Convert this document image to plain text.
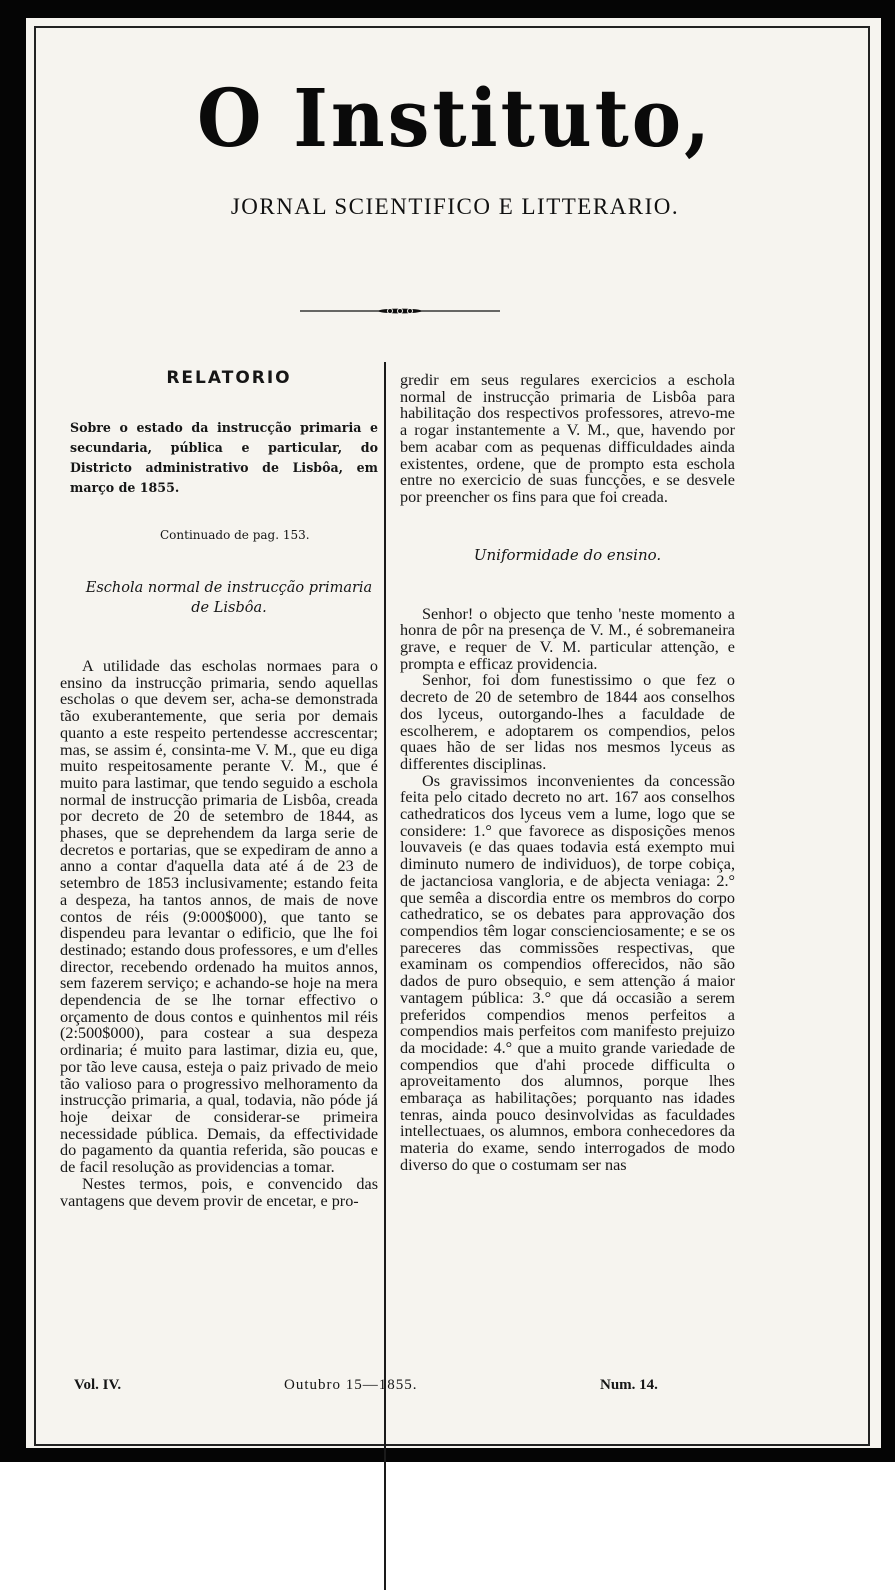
O Instituto,
JORNAL SCIENTIFICO E LITTERARIO.
RELATORIO

Sobre o estado da instrucção primaria e secundaria, pública e particular, do Districto administrativo de Lisbôa, em março de 1855.

Continuado de pag. 153.
Eschola normal de instrucção primaria de Lisbôa.

A utilidade das escholas normaes para o ensino da instrucção primaria, sendo aquellas escholas o que devem ser, acha-se demonstrada tão exuberantemente, que seria por demais quanto a este respeito pertendesse accrescentar; mas, se assim é, consinta-me V. M., que eu diga muito respeitosamente perante V. M., que é muito para lastimar, que tendo seguido a eschola normal de instrucção primaria de Lisbôa, creada por decreto de 20 de setembro de 1844, as phases, que se deprehendem da larga serie de decretos e portarias, que se expediram de anno a anno a contar d'aquella data até á de 23 de setembro de 1853 inclusivamente; estando feita a despeza, ha tantos annos, de mais de nove contos de réis (9:000$000), que tanto se dispendeu para levantar o edificio, que lhe foi destinado; estando dous professores, e um d'elles director, recebendo ordenado ha muitos annos, sem fazerem serviço; e achando-se hoje na mera dependencia de se lhe tornar effectivo o orçamento de dous contos e quinhentos mil réis (2:500$000), para costear a sua despeza ordinaria; é muito para lastimar, dizia eu, que, por tão leve causa, esteja o paiz privado de meio tão valioso para o progressivo melhoramento da instrucção primaria, a qual, todavia, não póde já hoje deixar de considerar-se primeira necessidade pública. Demais, da effectividade do pagamento da quantia referida, são poucas e de facil resolução as providencias a tomar.

Nestes termos, pois, e convencido das vantagens que devem provir de encetar, e pro-

gredir em seus regulares exercicios a eschola normal de instrucção primaria de Lisbôa para habilitação dos respectivos professores, atrevo-me a rogar instantemente a V. M., que, havendo por bem acabar com as pequenas difficuldades ainda existentes, ordene, que de prompto esta eschola entre no exercicio de suas funcções, e se desvele por preencher os fins para que foi creada.

Uniformidade do ensino.

Senhor! o objecto que tenho 'neste momento a honra de pôr na presença de V. M., é sobremaneira grave, e requer de V. M. particular attenção, e prompta e efficaz providencia.

Senhor, foi dom funestissimo o que fez o decreto de 20 de setembro de 1844 aos conselhos dos lyceus, outorgando-lhes a faculdade de escolherem, e adoptarem os compendios, pelos quaes hão de ser lidas nos mesmos lyceus as differentes disciplinas.

Os gravissimos inconvenientes da concessão feita pelo citado decreto no art. 167 aos conselhos cathedraticos dos lyceus vem a lume, logo que se considere: 1.° que favorece as disposições menos louvaveis (e das quaes todavia está exempto mui diminuto numero de individuos), de torpe cobiça, de jactanciosa vangloria, e de abjecta veniaga: 2.° que semêa a discordia entre os membros do corpo cathedratico, se os debates para approvação dos compendios têm logar conscienciosamente; e se os pareceres das commissões respectivas, que examinam os compendios offerecidos, não são dados de puro obsequio, e sem attenção á maior vantagem pública: 3.° que dá occasião a serem preferidos compendios menos perfeitos a compendios mais perfeitos com manifesto prejuizo da mocidade: 4.° que a muito grande variedade de compendios que d'ahi procede difficulta o aproveitamento dos alumnos, porque lhes embaraça as habilitações; porquanto nas idades tenras, ainda pouco desinvolvidas as faculdades intellectuaes, os alumnos, embora conhecedores da materia do exame, sendo interrogados de modo diverso do que o costumam ser nas

Vol. IV.	Outubro 15—1855.	Num. 14.
